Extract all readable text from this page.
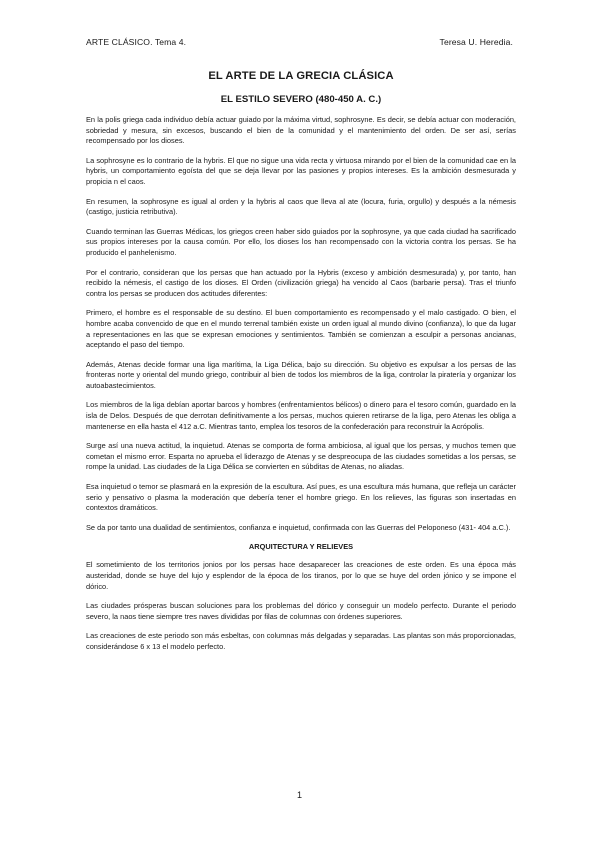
ARTE CLÁSICO. Tema 4.	Teresa U. Heredia.
EL ARTE DE LA GRECIA CLÁSICA
EL ESTILO SEVERO (480-450 A. C.)

En la polis griega cada individuo debía actuar guiado por la máxima virtud, sophrosyne. Es decir, se debía actuar con moderación, sobriedad y mesura, sin excesos, buscando el bien de la comunidad y el mantenimiento del orden. De ser así, serías recompensado por los dioses.

La sophrosyne es lo contrario de la hybris. El que no sigue una vida recta y virtuosa mirando por el bien de la comunidad cae en la hybris, un comportamiento egoísta del que se deja llevar por las pasiones y propios intereses. Es la ambición desmesurada y propicia n el caos.

En resumen, la sophrosyne es igual al orden y la hybris al caos que lleva al ate (locura, furia, orgullo) y después a la némesis (castigo, justicia retributiva).

Cuando terminan las Guerras Médicas, los griegos creen haber sido guiados por la sophrosyne, ya que cada ciudad ha sacrificado sus propios intereses por la causa común. Por ello, los dioses los han recompensado con la victoria contra los persas. Se ha producido el panhelenismo.

Por el contrario, consideran que los persas que han actuado por la Hybris (exceso y ambición desmesurada) y, por tanto, han recibido la némesis, el castigo de los dioses. El Orden (civilización griega) ha vencido al Caos (barbarie persa). Tras el triunfo contra los persas se producen dos actitudes diferentes:

Primero, el hombre es el responsable de su destino. El buen comportamiento es recompensado y el malo castigado. O bien, el hombre acaba convencido de que en el mundo terrenal también existe un orden igual al mundo divino (confianza), lo que da lugar a representaciones en las que se expresan emociones y sentimientos. También se comienzan a esculpir a personas ancianas, aceptando el paso del tiempo.

Además, Atenas decide formar una liga marítima, la Liga Délica, bajo su dirección. Su objetivo es expulsar a los persas de las fronteras norte y oriental del mundo griego, contribuir al bien de todos los miembros de la liga, controlar la piratería y organizar los autoabastecimientos.

Los miembros de la liga debían aportar barcos y hombres (enfrentamientos bélicos) o dinero para el tesoro común, guardado en la isla de Delos. Después de que derrotan definitivamente a los persas, muchos quieren retirarse de la liga, pero Atenas les obliga a mantenerse en ella hasta el 412 a.C. Mientras tanto, emplea los tesoros de la confederación para reconstruir la Acrópolis.

Surge así una nueva actitud, la inquietud. Atenas se comporta de forma ambiciosa, al igual que los persas, y muchos temen que cometan el mismo error. Esparta no aprueba el liderazgo de Atenas y se despreocupa de las ciudades sometidas a los persas, se rompe la unidad. Las ciudades de la Liga Délica se convierten en súbditas de Atenas, no aliadas.

Esa inquietud o temor se plasmará en la expresión de la escultura. Así pues, es una escultura más humana, que refleja un carácter serio y pensativo o plasma la moderación que debería tener el hombre griego. En los relieves, las figuras son insertadas en contextos dramáticos.

Se da por tanto una dualidad de sentimientos, confianza e inquietud, confirmada con las Guerras del Peloponeso (431- 404 a.C.).

ARQUITECTURA Y RELIEVES

El sometimiento de los territorios jonios por los persas hace desaparecer las creaciones de este orden. Es una época más austeridad, donde se huye del lujo y esplendor de la época de los tiranos, por lo que se huye del orden jónico y se impone el dórico.

Las ciudades prósperas buscan soluciones para los problemas del dórico y conseguir un modelo perfecto. Durante el periodo severo, la naos tiene siempre tres naves divididas por filas de columnas con órdenes superiores.

Las creaciones de este periodo son más esbeltas, con columnas más delgadas y separadas. Las plantas son más proporcionadas, considerándose 6 x 13 el modelo perfecto.

1
